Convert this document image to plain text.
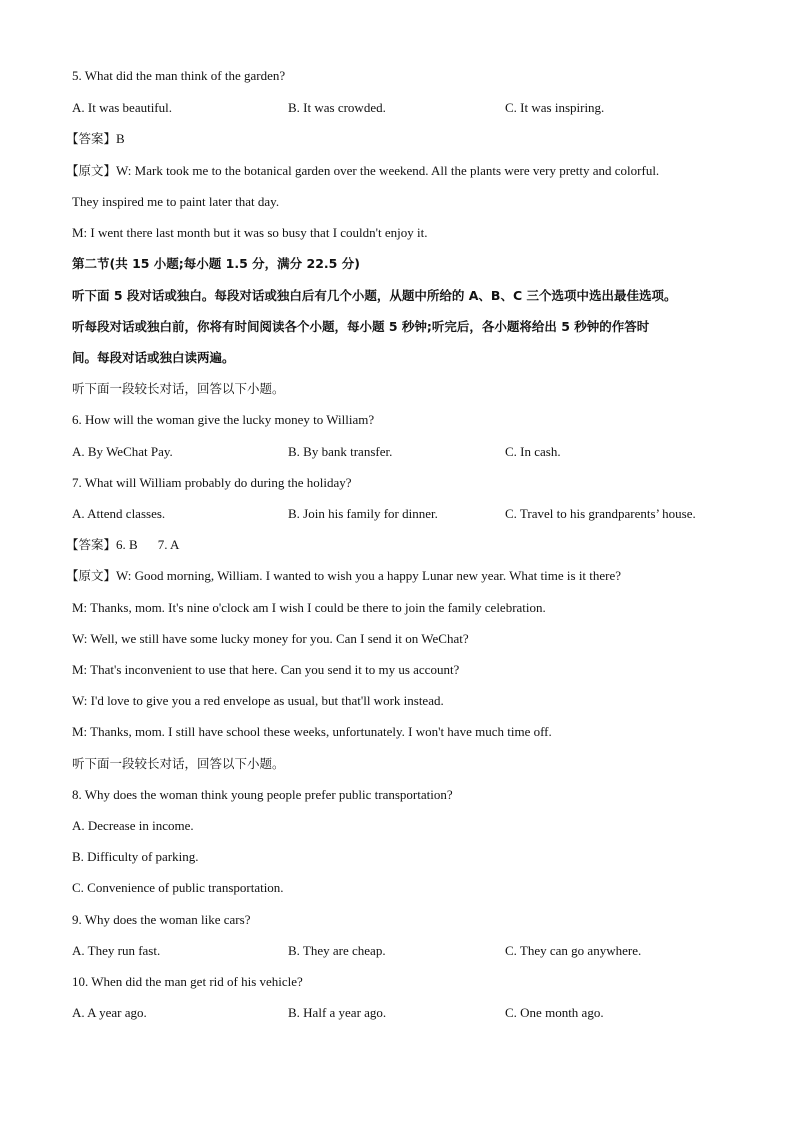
5. What did the man think of the garden?
A. It was beautiful.	B. It was crowded.	C. It was inspiring.
【答案】B
【原文】W: Mark took me to the botanical garden over the weekend. All the plants were very pretty and colorful.
They inspired me to paint later that day.
M: I went there last month but it was so busy that I couldn't enjoy it.
第二节(共 15 小题;每小题 1.5 分，满分 22.5 分)
听下面 5 段对话或独白。每段对话或独白后有几个小题，从题中所给的 A、B、C 三个选项中选出最佳选项。
听每段对话或独白前，你将有时间阅读各个小题，每小题 5 秒钟;听完后，各小题将给出 5 秒钟的作答时
间。每段对话或独白读两遍。
听下面一段较长对话，回答以下小题。
6. How will the woman give the lucky money to William?
A. By WeChat Pay.	B. By bank transfer.	C. In cash.
7. What will William probably do during the holiday?
A. Attend classes.	B. Join his family for dinner.	C. Travel to his grandparents’ house.
【答案】6. B 7. A
【原文】W: Good morning, William. I wanted to wish you a happy Lunar new year. What time is it there?
M: Thanks, mom. It's nine o'clock am I wish I could be there to join the family celebration.
W: Well, we still have some lucky money for you. Can I send it on WeChat?
M: That's inconvenient to use that here. Can you send it to my us account?
W: I'd love to give you a red envelope as usual, but that'll work instead.
M: Thanks, mom. I still have school these weeks, unfortunately. I won't have much time off.
听下面一段较长对话，回答以下小题。
8. Why does the woman think young people prefer public transportation?
A. Decrease in income.
B. Difficulty of parking.
C. Convenience of public transportation.
9. Why does the woman like cars?
A. They run fast.	B. They are cheap.	C. They can go anywhere.
10. When did the man get rid of his vehicle?
A. A year ago.	B. Half a year ago.	C. One month ago.
